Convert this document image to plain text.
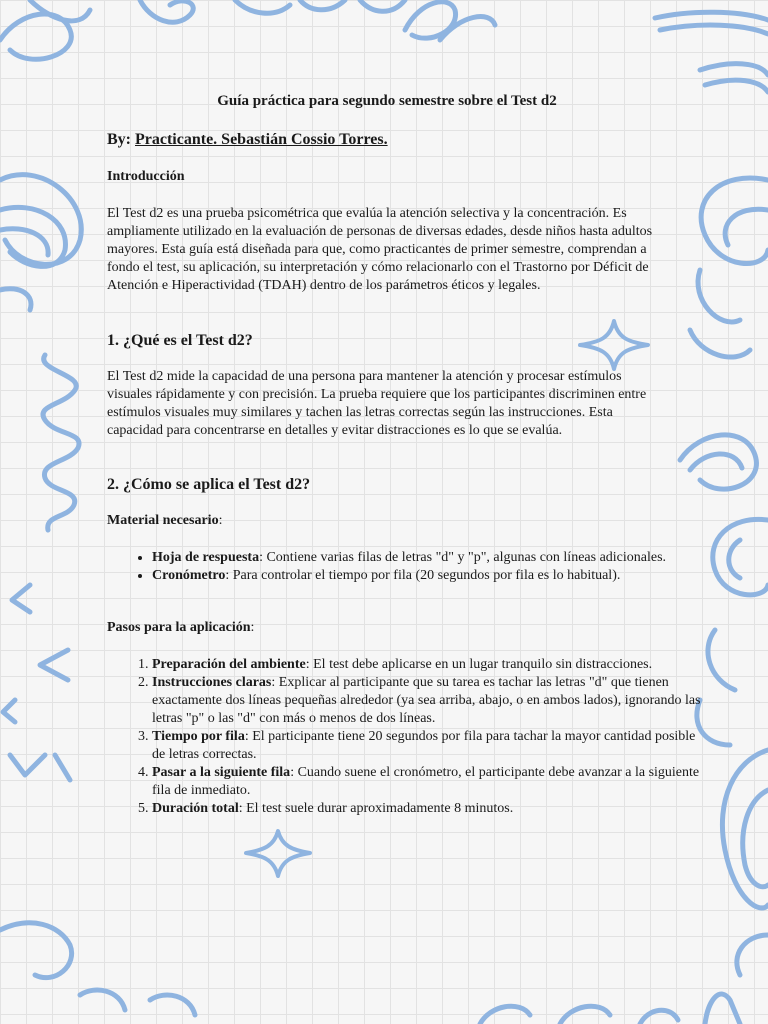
Guía práctica para segundo semestre sobre el Test d2

By: Practicante. Sebastián Cossio Torres.

Introducción

El Test d2 es una prueba psicométrica que evalúa la atención selectiva y la concentración. Es ampliamente utilizado en la evaluación de personas de diversas edades, desde niños hasta adultos mayores. Esta guía está diseñada para que, como practicantes de primer semestre, comprendan a fondo el test, su aplicación, su interpretación y cómo relacionarlo con el Trastorno por Déficit de Atención e Hiperactividad (TDAH) dentro de los parámetros éticos y legales.

1. ¿Qué es el Test d2?

El Test d2 mide la capacidad de una persona para mantener la atención y procesar estímulos visuales rápidamente y con precisión. La prueba requiere que los participantes discriminen entre estímulos visuales muy similares y tachen las letras correctas según las instrucciones. Esta capacidad para concentrarse en detalles y evitar distracciones es lo que se evalúa.

2. ¿Cómo se aplica el Test d2?

Material necesario:

• Hoja de respuesta: Contiene varias filas de letras "d" y "p", algunas con líneas adicionales.
• Cronómetro: Para controlar el tiempo por fila (20 segundos por fila es lo habitual).

Pasos para la aplicación:

1. Preparación del ambiente: El test debe aplicarse en un lugar tranquilo sin distracciones.
2. Instrucciones claras: Explicar al participante que su tarea es tachar las letras "d" que tienen exactamente dos líneas pequeñas alrededor (ya sea arriba, abajo, o en ambos lados), ignorando las letras "p" o las "d" con más o menos de dos líneas.
3. Tiempo por fila: El participante tiene 20 segundos por fila para tachar la mayor cantidad posible de letras correctas.
4. Pasar a la siguiente fila: Cuando suene el cronómetro, el participante debe avanzar a la siguiente fila de inmediato.
5. Duración total: El test suele durar aproximadamente 8 minutos.
